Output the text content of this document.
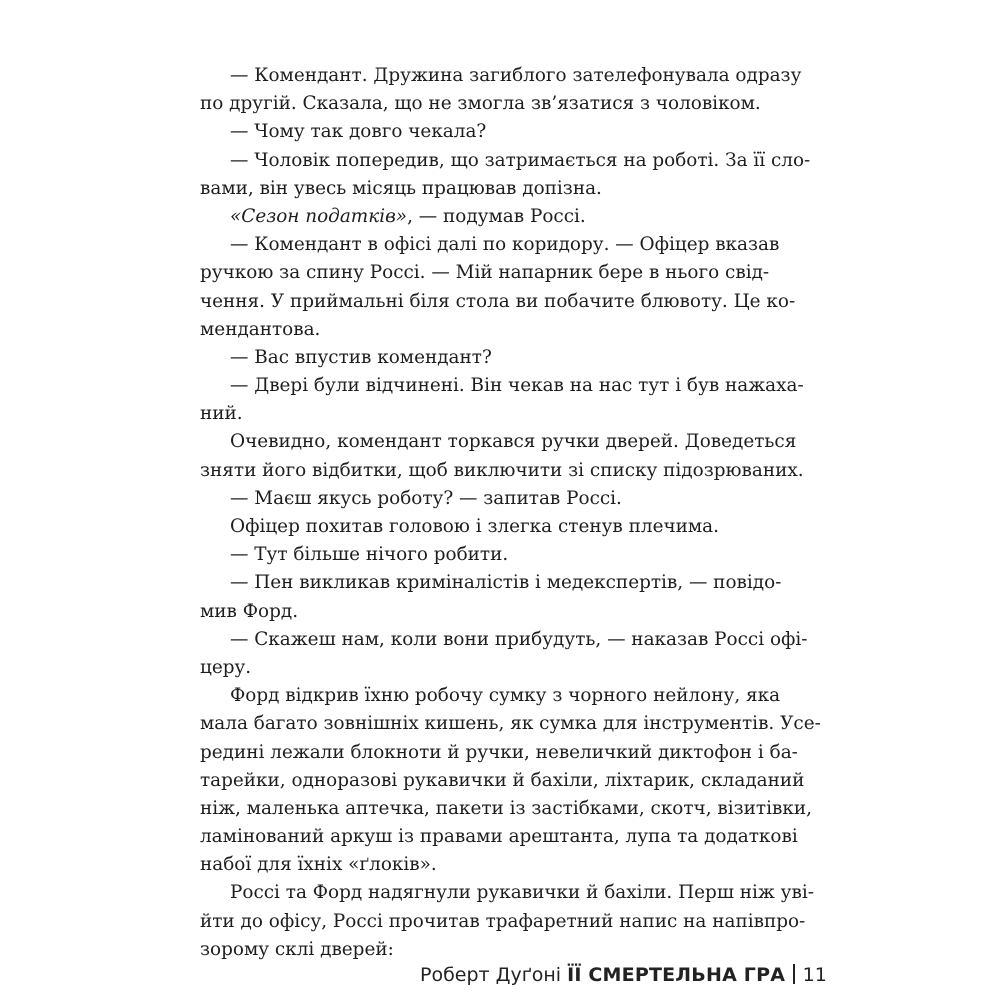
— Комендант. Дружина загиблого зателефонувала одразу
по другій. Сказала, що не змогла зв’язатися з чоловіком.
— Чому так довго чекала?
— Чоловік попередив, що затримається на роботі. За її сло-
вами, він увесь місяць працював допізна.
«Сезон податків», — подумав Россі.
— Комендант в офісі далі по коридору. — Офіцер вказав
ручкою за спину Россі. — Мій напарник бере в нього свід-
чення. У приймальні біля стола ви побачите блювоту. Це ко-
мендантова.
— Вас впустив комендант?
— Двері були відчинені. Він чекав на нас тут і був нажаха-
ний.
Очевидно, комендант торкався ручки дверей. Доведеться
зняти його відбитки, щоб виключити зі списку підозрюваних.
— Маєш якусь роботу? — запитав Россі.
Офіцер похитав головою і злегка стенув плечима.
— Тут більше нічого робити.
— Пен викликав криміналістів і медекспертів, — повідо-
мив Форд.
— Скажеш нам, коли вони прибудуть, — наказав Россі офі-
церу.
Форд відкрив їхню робочу сумку з чорного нейлону, яка
мала багато зовнішніх кишень, як сумка для інструментів. Усе-
редині лежали блокноти й ручки, невеличкий диктофон і ба-
тарейки, одноразові рукавички й бахіли, ліхтарик, складаний
ніж, маленька аптечка, пакети із застібками, скотч, візитівки,
ламінований аркуш із правами арештанта, лупа та додаткові
набої для їхніх «ґлоків».
Россі та Форд надягнули рукавички й бахіли. Перш ніж уві-
йти до офісу, Россі прочитав трафаретний напис на напівпро-
зорому склі дверей:
Роберт Дуґоні ЇЇ СМЕРТЕЛЬНА ГРА 11
